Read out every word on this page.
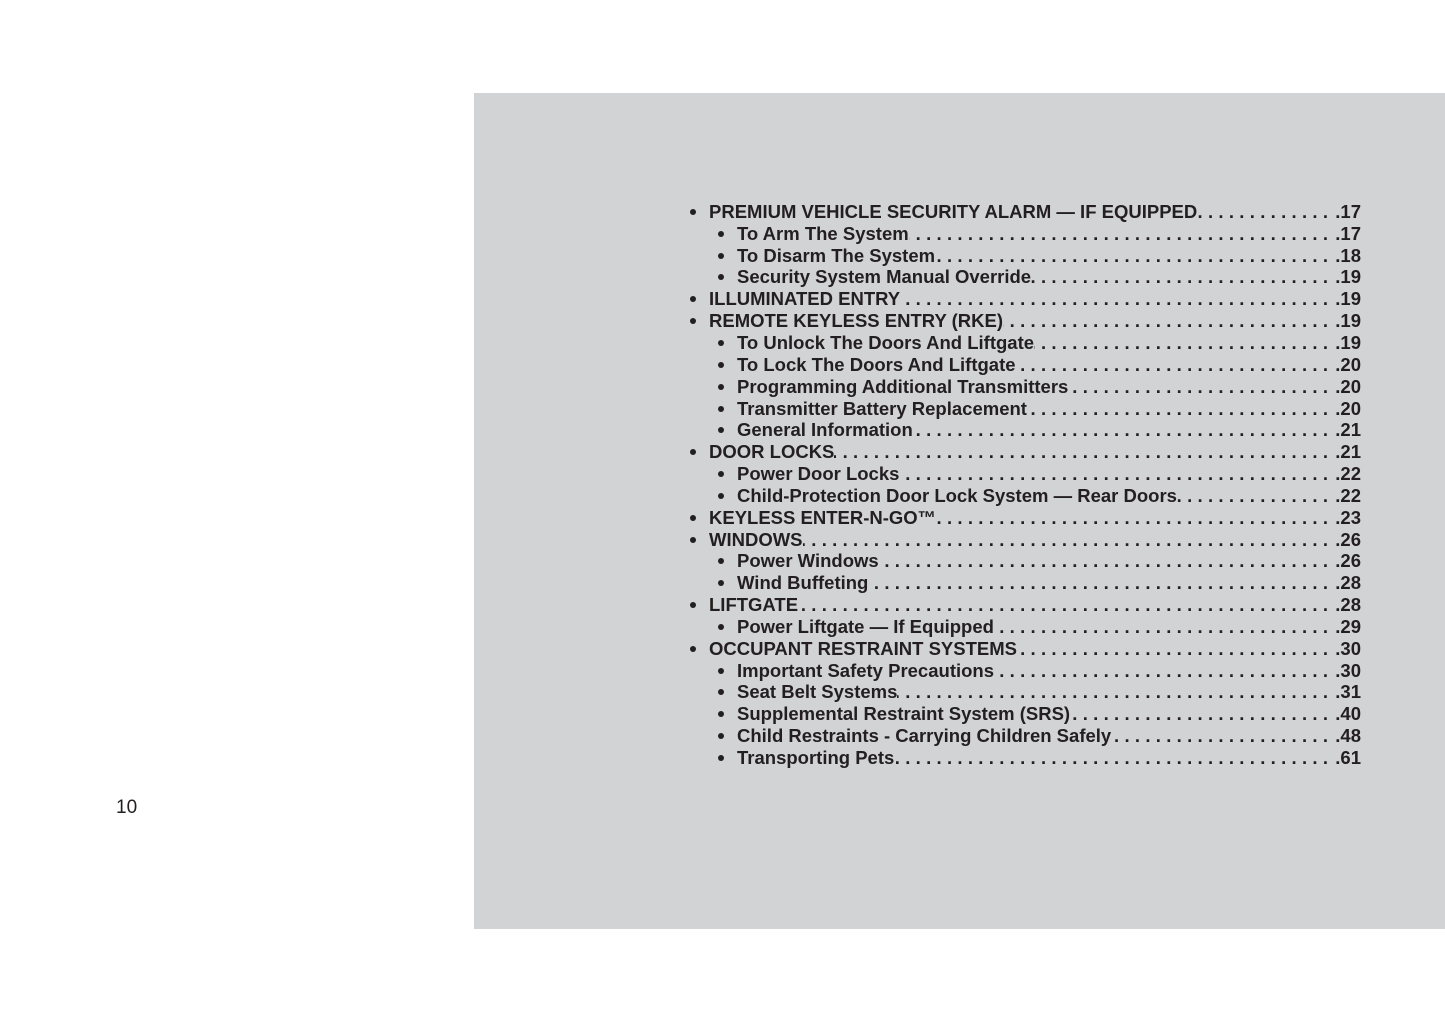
PREMIUM VEHICLE SECURITY ALARM — IF EQUIPPED .....	.17
To Arm The System .....	.17
To Disarm The System .....	.18
Security System Manual Override .....	.19
ILLUMINATED ENTRY .....	.19
REMOTE KEYLESS ENTRY (RKE) .....	.19
To Unlock The Doors And Liftgate .....	.19
To Lock The Doors And Liftgate .....	.20
Programming Additional Transmitters .....	.20
Transmitter Battery Replacement .....	.20
General Information .....	.21
DOOR LOCKS .....	.21
Power Door Locks .....	.22
Child-Protection Door Lock System — Rear Doors .....	.22
KEYLESS ENTER-N-GO™ .....	.23
WINDOWS .....	.26
Power Windows .....	.26
Wind Buffeting .....	.28
LIFTGATE .....	.28
Power Liftgate — If Equipped .....	.29
OCCUPANT RESTRAINT SYSTEMS .....	.30
Important Safety Precautions .....	.30
Seat Belt Systems .....	.31
Supplemental Restraint System (SRS) .....	.40
Child Restraints - Carrying Children Safely .....	.48
Transporting Pets .....	.61
10
